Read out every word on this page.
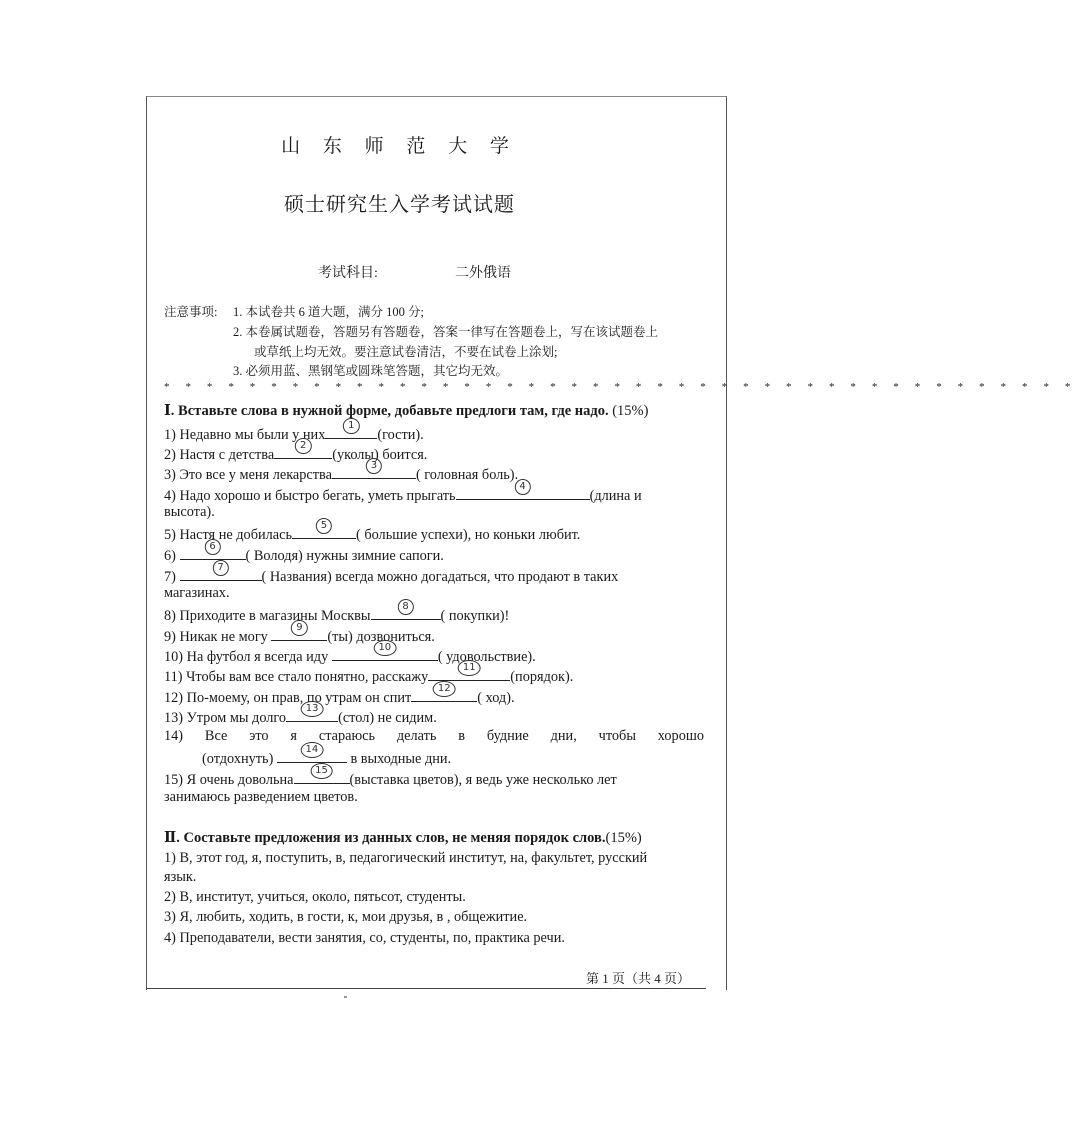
山 东 师 范 大 学
硕士研究生入学考试试题
考试科目:	二外俄语
注意事项: 1. 本试卷共 6 道大题，满分 100 分;
2. 本卷属试题卷，答题另有答题卷，答案一律写在答题卷上，写在该试题卷上
或草纸上均无效。要注意试卷清洁，不要在试卷上涂划;
3. 必须用蓝、黑钢笔或圆珠笔答题，其它均无效。
* * * * * * * * * * * * * * * * * * * * * * * * * * * * * * * * * * * * * * * * * * *
Ⅰ. Вставьте слова в нужной форме, добавьте предлоги там, где надо. (15%)
1) Недавно мы были у них
1
(гости).
2) Настя с детства
2
(уколы) боится.
3) Это все у меня лекарства
3
( головная боль).
4) Надо хорошо и быстро бегать, уметь прыгать
4
(длина и
высота).
5) Настя не добилась
5
( большие успехи), но коньки любит.
6)
6
( Володя) нужны зимние сапоги.
7)
7
( Названия) всегда можно догадаться, что продают в таких
магазинах.
8) Приходите в магазины Москвы
8
( покупки)!
9) Никак не могу
9
(ты) дозвониться.
10) На футбол я всегда иду
10
( удовольствие).
11) Чтобы вам все стало понятно, расскажу
11
(порядок).
12) По-моему, он прав, по утрам он спит
12
( ход).
13) Утром мы долго
13
(стол) не сидим.
14) Все это я стараюсь делать в будние дни, чтобы хорошо
(отдохнуть)
14
в выходные дни.
15) Я очень довольна
15
(выставка цветов), я ведь уже несколько лет
занимаюсь разведением цветов.
Ⅱ. Составьте предложения из данных слов, не меняя порядок слов.(15%)
1) В, этот год, я, поступить, в, педагогический институт, на, факультет, русский
язык.
2) В, институт, учиться, около, пятьсот, студенты.
3) Я, любить, ходить, в гости, к, мои друзья, в , общежитие.
4) Преподаватели, вести занятия, со, студенты, по, практика речи.
第 1 页（共 4 页）
